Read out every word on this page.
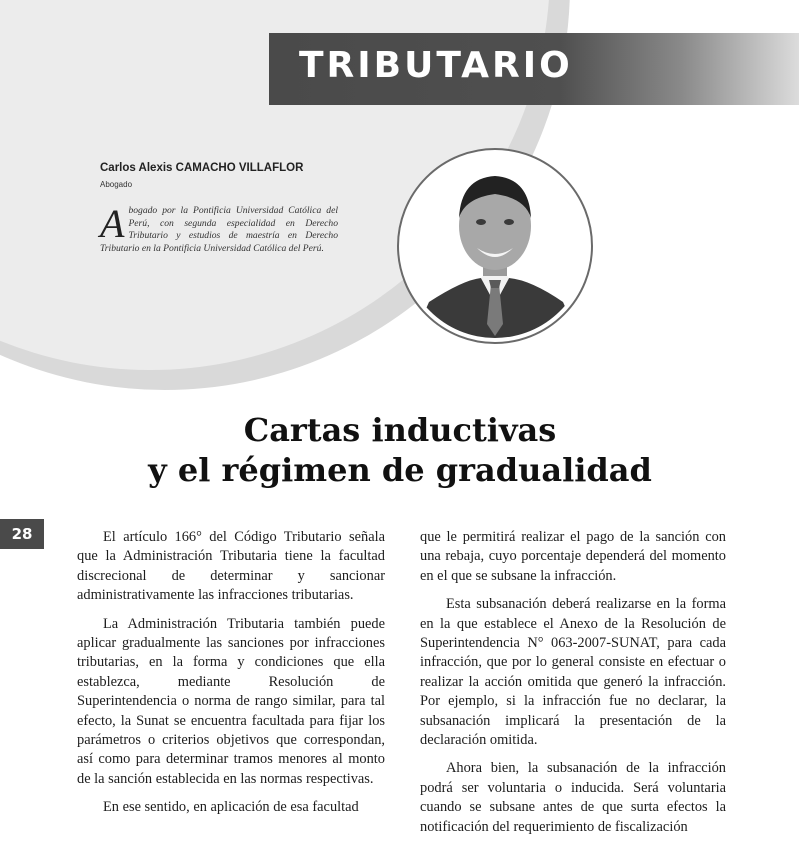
TRIBUTARIO

Carlos Alexis CAMACHO VILLAFLOR

Abogado

Abogado por la Pontificia Universidad Católica del Perú, con segunda especialidad en Derecho Tributario y estudios de maestría en Derecho Tributario en la Pontificia Universidad Católica del Perú.

Cartas inductivas
y el régimen de gradualidad
28	El artículo 166° del Código Tributario señala que la Administración Tributaria tiene la facultad discrecional de determinar y sancionar administrativamente las infracciones tributarias.

La Administración Tributaria también puede aplicar gradualmente las sanciones por infracciones tributarias, en la forma y condiciones que ella establezca, mediante Resolución de Superintendencia o norma de rango similar, para tal efecto, la Sunat se encuentra facultada para fijar los parámetros o criterios objetivos que correspondan, así como para determinar tramos menores al monto de la sanción establecida en las normas respectivas.

En ese sentido, en aplicación de esa facultad

que le permitirá realizar el pago de la sanción con una rebaja, cuyo porcentaje dependerá del momento en el que se subsane la infracción.

Esta subsanación deberá realizarse en la forma en la que establece el Anexo de la Resolución de Superintendencia N° 063-2007-SUNAT, para cada infracción, que por lo general consiste en efectuar o realizar la acción omitida que generó la infracción. Por ejemplo, si la infracción fue no declarar, la subsanación implicará la presentación de la declaración omitida.

Ahora bien, la subsanación de la infracción podrá ser voluntaria o inducida. Será voluntaria cuando se subsane antes de que surta efectos la notificación del requerimiento de fiscalización
